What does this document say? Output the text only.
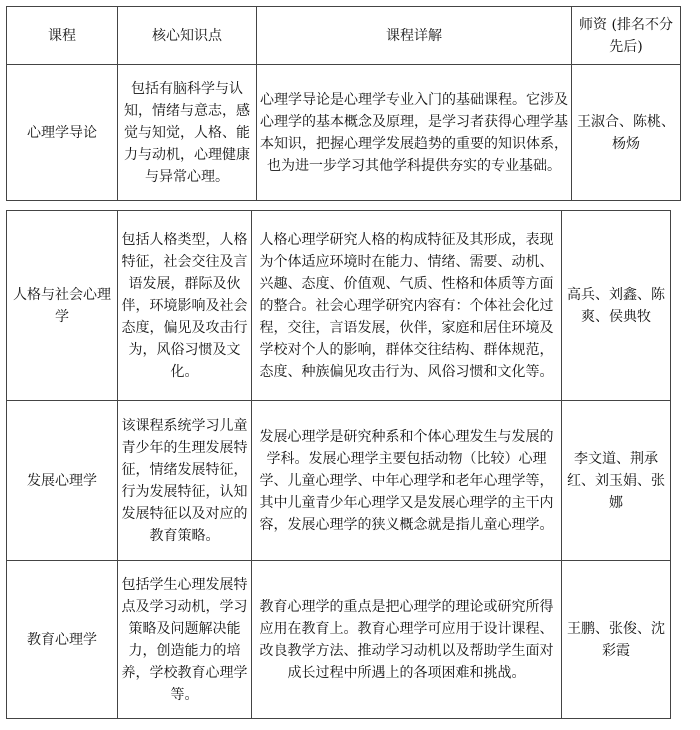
课程	核心知识点	课程详解	师资 (排名不分先后)
心理学导论	包括有脑科学与认知，情绪与意志，感觉与知觉，人格、能力与动机，心理健康与异常心理。	心理学导论是心理学专业入门的基础课程。它涉及心理学的基本概念及原理，是学习者获得心理学基本知识，把握心理学发展趋势的重要的知识体系，也为进一步学习其他学科提供夯实的专业基础。	王淑合、陈桃、杨炀
人格与社会心理学	包括人格类型，人格特征，社会交往及言语发展，群际及伙伴，环境影响及社会态度，偏见及攻击行为，风俗习惯及文化。	人格心理学研究人格的构成特征及其形成，表现为个体适应环境时在能力、情绪、需要、动机、兴趣、态度、价值观、气质、性格和体质等方面的整合。社会心理学研究内容有：个体社会化过程，交往，言语发展，伙伴，家庭和居住环境及学校对个人的影响，群体交往结构、群体规范，态度、种族偏见攻击行为、风俗习惯和文化等。	高兵、刘鑫、陈爽、侯典牧
发展心理学	该课程系统学习儿童青少年的生理发展特征，情绪发展特征，行为发展特征，认知发展特征以及对应的教育策略。	发展心理学是研究种系和个体心理发生与发展的学科。发展心理学主要包括动物（比较）心理学、儿童心理学、中年心理学和老年心理学等，其中儿童青少年心理学又是发展心理学的主干内容，发展心理学的狭义概念就是指儿童心理学。	李文道、荆承红、刘玉娟、张娜
教育心理学	包括学生心理发展特点及学习动机，学习策略及问题解决能力，创造能力的培养，学校教育心理学等。	教育心理学的重点是把心理学的理论或研究所得应用在教育上。教育心理学可应用于设计课程、改良教学方法、推动学习动机以及帮助学生面对成长过程中所遇上的各项困难和挑战。	王鹏、张俊、沈彩霞
